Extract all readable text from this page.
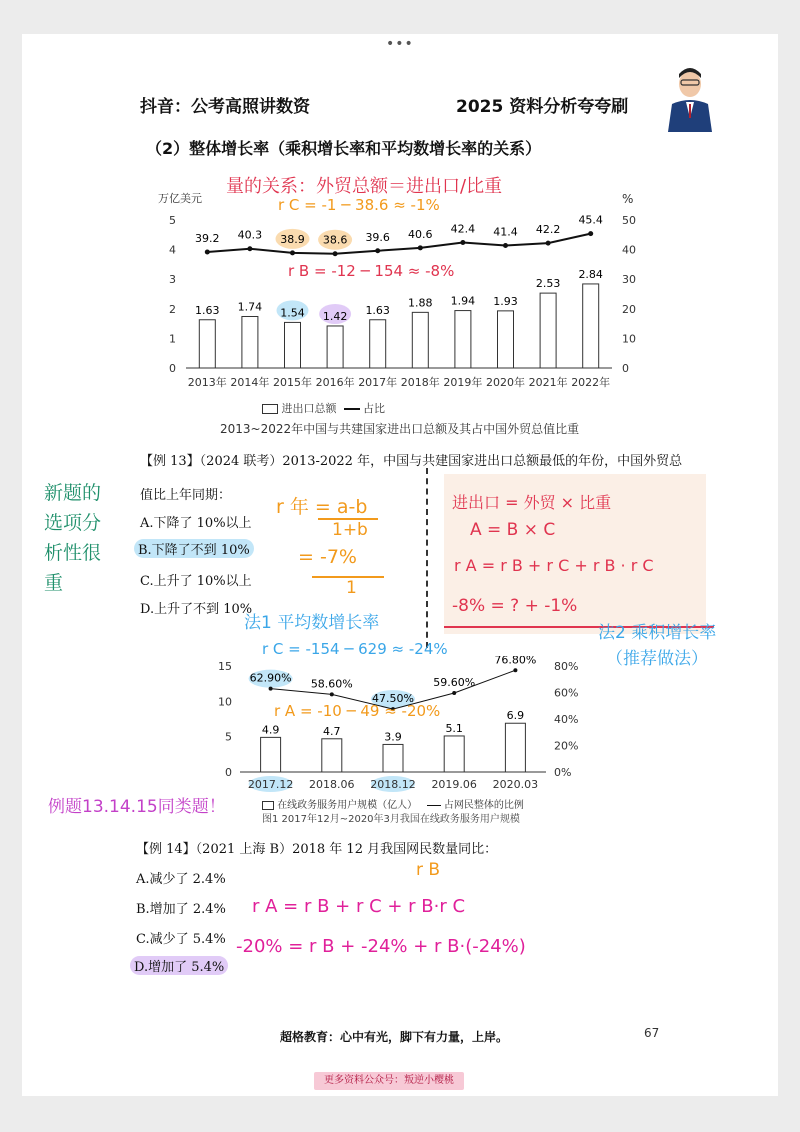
•••
抖音：公考高照讲数资	2025 资料分析夸夸刷
（2）整体增长率（乘积增长率和平均数增长率的关系）
量的关系：外贸总额＝进出口/比重
0	0
1	10
2	20
3	30
4	40
5	50
1.63
39.2
2013年
1.74
40.3
2014年
1.54
38.9
2015年
1.42
38.6
2016年
1.63
39.6
2017年
1.88
40.6
2018年
1.94
42.4
2019年
1.93
41.4
2020年
2.53
42.2
2021年
2.84
45.4
2022年
万亿美元	%
r C = -1 ─ 38.6 ≈ -1%
r B = -12 ─ 154 ≈ -8%
进出口总额 占比
2013~2022年中国与共建国家进出口总额及其占中国外贸总值比重
【例 13】（2024 联考）2013-2022 年，中国与共建国家进出口总额最低的年份，中国外贸总
值比上年同期：
A.下降了 10%以上
B.下降了不到 10%
C.上升了 10%以上
D.上升了不到 10%
新题的
选项分
析性很
重
r 年 = a-b
1+b
= -7%
1
进出口 = 外贸 × 比重
A = B × C
r A = r B + r C + r B · r C
-8% = ? + -1%
法1 平均数增长率	法2 乘积增长率
（推荐做法）
r C = -154 ─ 629 ≈ -24%
0
5
10
15
0%
20%
40%
60%
80%
4.9
62.90%
2017.12
4.7
58.60%
2018.06
3.9
47.50%
2018.12
5.1
59.60%
2019.06
6.9
76.80%
2020.03
r A = -10 ─ 49 ≈ -20%
在线政务服务用户规模（亿人）	占网民整体的比例
图1 2017年12月~2020年3月我国在线政务服务用户规模
例题13.14.15同类题！
【例 14】（2021 上海 B）2018 年 12 月我国网民数量同比：
r B
A.减少了 2.4%
B.增加了 2.4%
C.减少了 5.4%
D.增加了 5.4%
r A = r B + r C + r B·r C
-20% = r B + -24% + r B·(-24%)
超格教育：心中有光，脚下有力量，上岸。	67
更多资料公众号：叛逆小樱桃
